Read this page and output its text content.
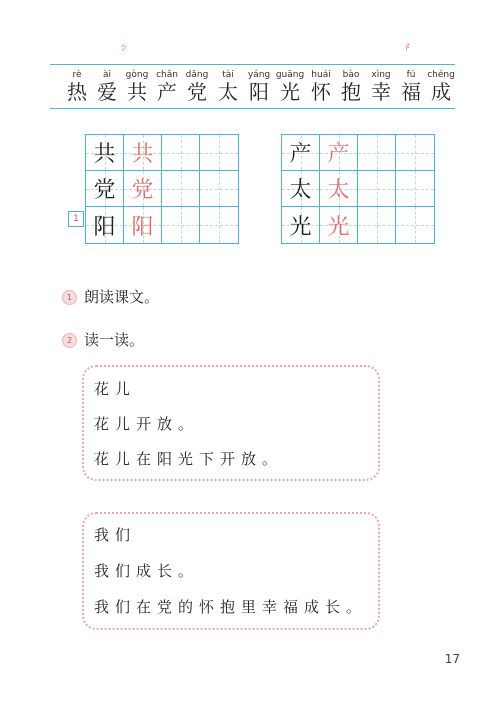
ㄅ	礻
rè	ài	gòng chǎn dǎng	tài	yáng guāng huái	bào	xìng	fú	chéng
热 爱 共 产 党 太 阳 光 怀 抱 幸 福 成
共 共
党 党
阳 阳
1
产 产
太 太
光 光
1 朗读课文。
2 读一读。
花儿
花儿开放。
花儿在阳光下开放。
我们
我们成长。
我们在党的怀抱里幸福成长。
17
